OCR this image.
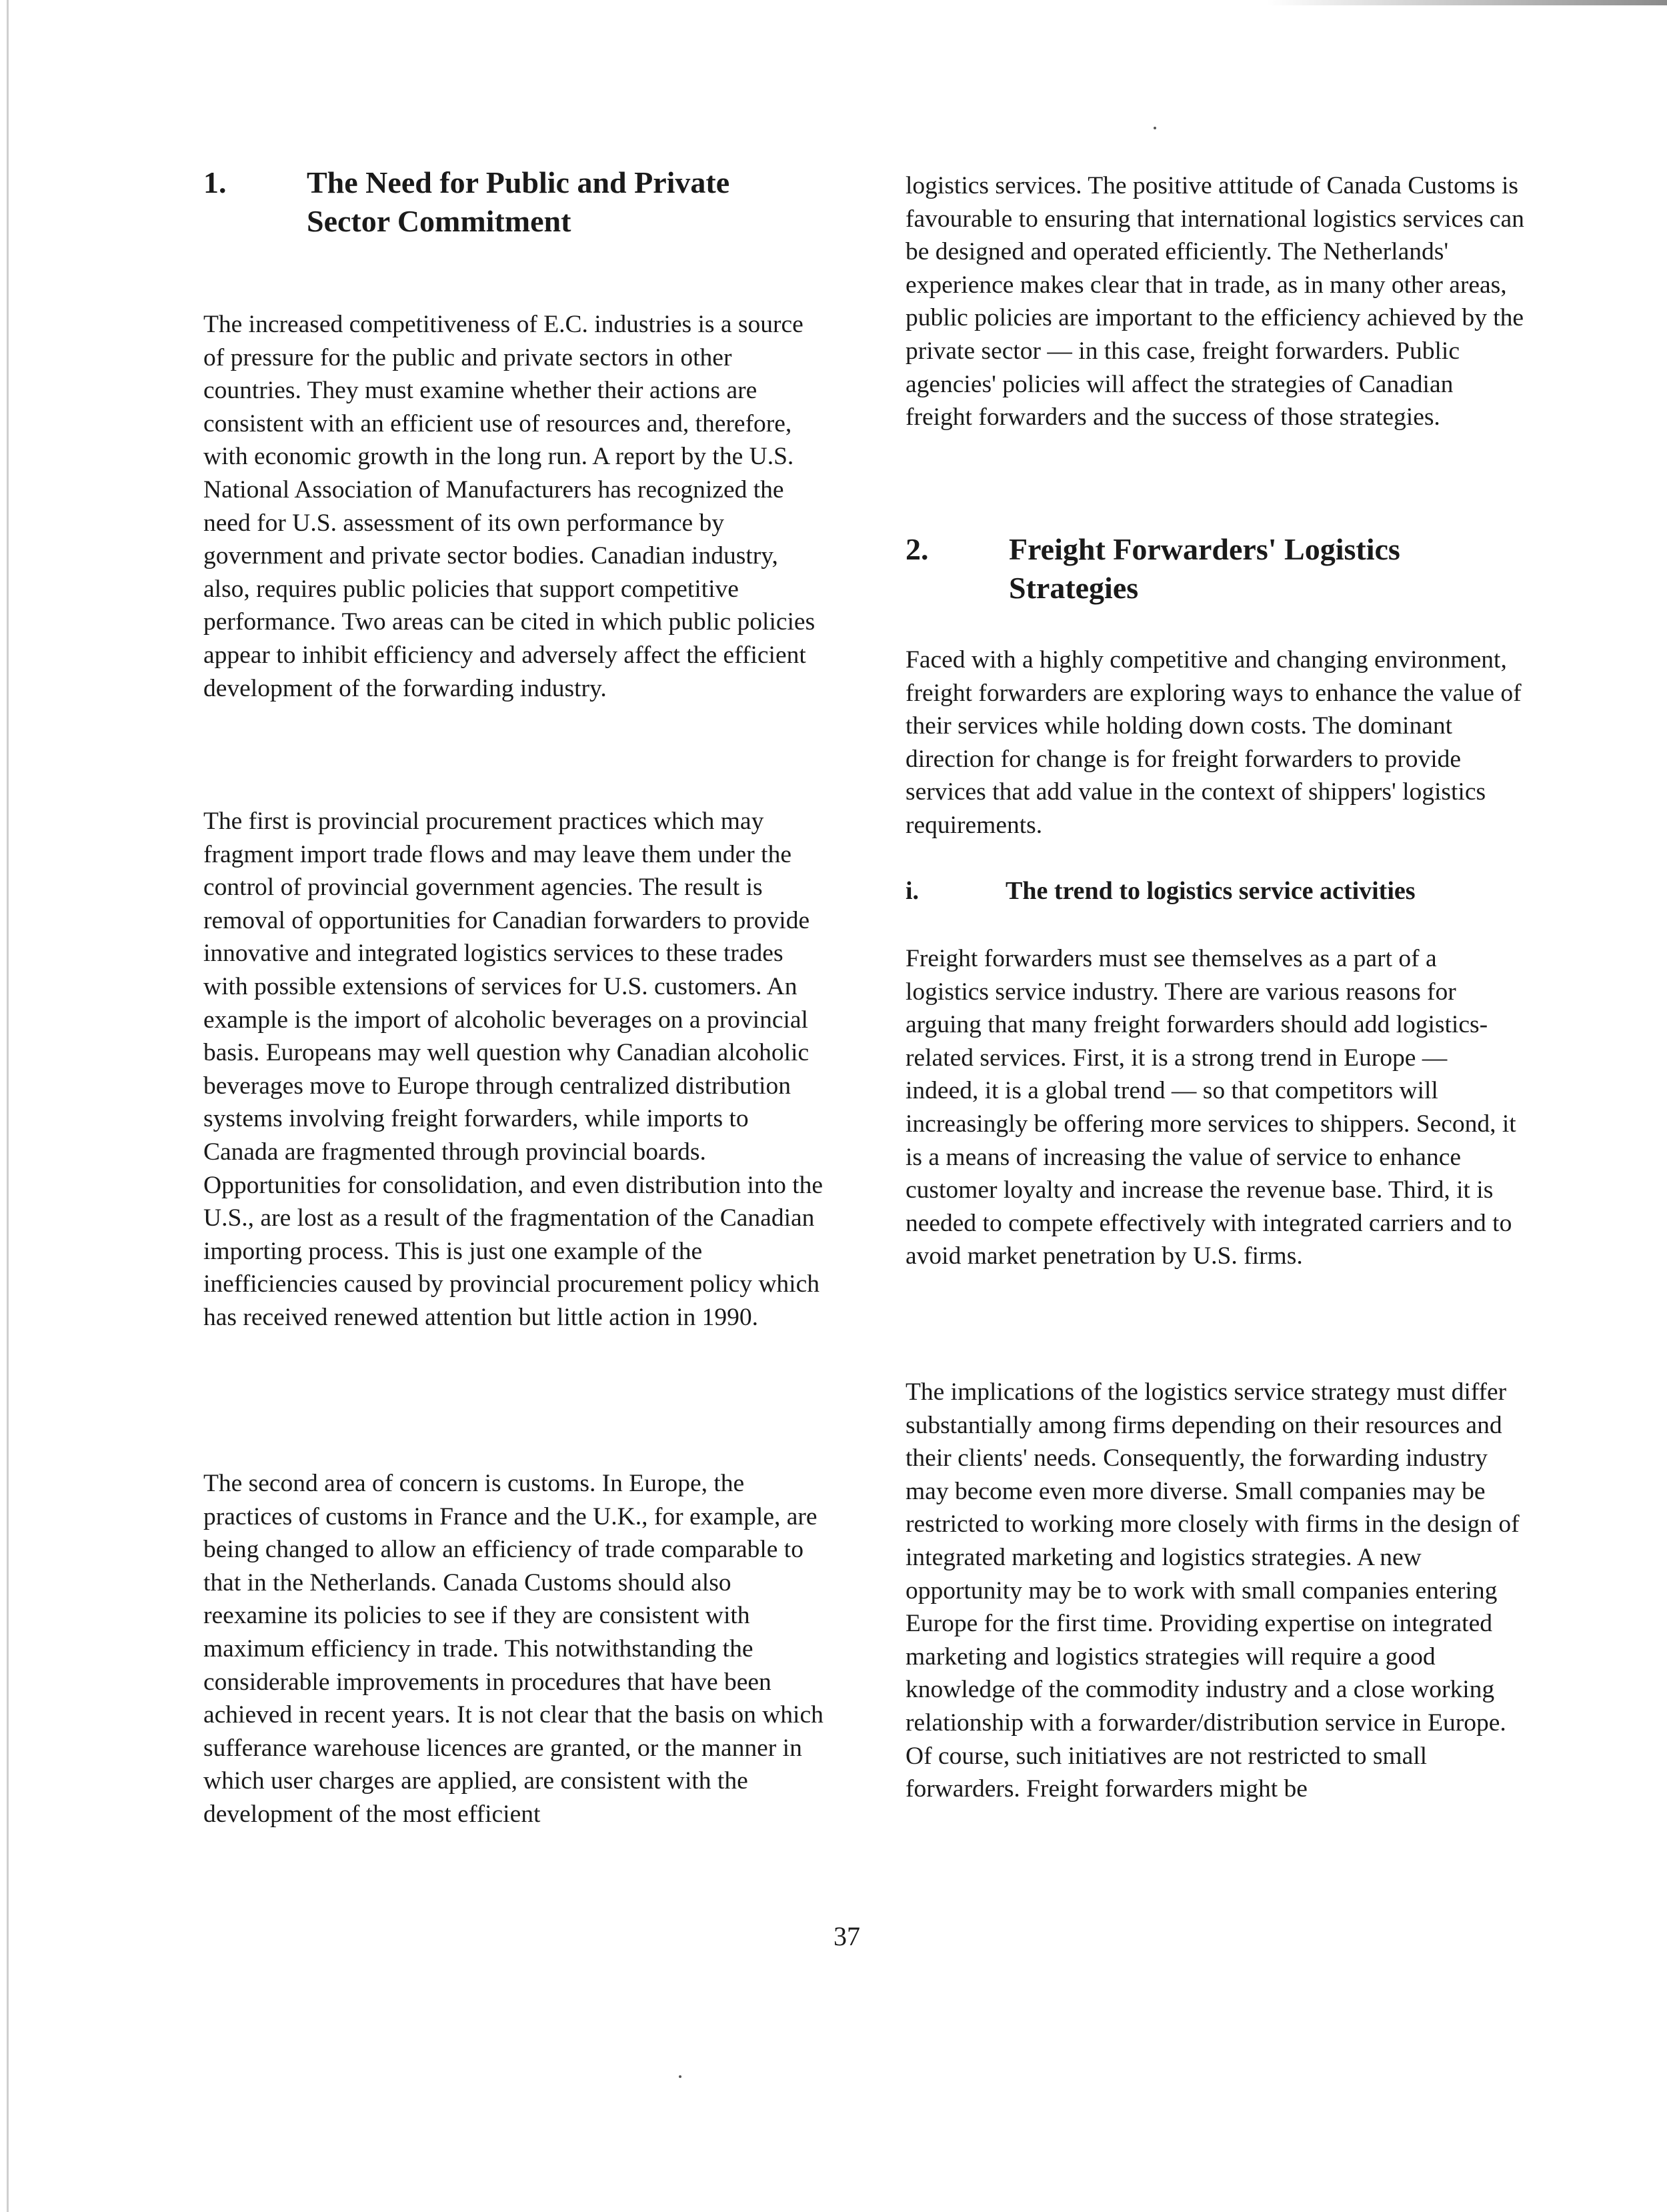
1.	The Need for Public and Private Sector Commitment

The increased competitiveness of E.C. industries is a source of pressure for the public and private sectors in other countries. They must examine whether their actions are consistent with an efficient use of resources and, therefore, with economic growth in the long run. A report by the U.S. National Association of Manufacturers has recognized the need for U.S. assessment of its own performance by government and private sector bodies. Canadian industry, also, requires public policies that support competitive performance. Two areas can be cited in which public policies appear to inhibit efficiency and adversely affect the efficient development of the forwarding industry.

The first is provincial procurement practices which may fragment import trade flows and may leave them under the control of provincial government agencies. The result is removal of opportunities for Canadian forwarders to provide innovative and integrated logistics services to these trades with possible extensions of services for U.S. customers. An example is the import of alcoholic beverages on a provincial basis. Europeans may well question why Canadian alcoholic beverages move to Europe through centralized distribution systems involving freight forwarders, while imports to Canada are fragmented through provincial boards. Opportunities for consolidation, and even distribution into the U.S., are lost as a result of the fragmentation of the Canadian importing process. This is just one example of the inefficiencies caused by provincial procurement policy which has received renewed attention but little action in 1990.

The second area of concern is customs. In Europe, the practices of customs in France and the U.K., for example, are being changed to allow an efficiency of trade comparable to that in the Netherlands. Canada Customs should also reexamine its policies to see if they are consistent with maximum efficiency in trade. This notwithstanding the considerable improvements in procedures that have been achieved in recent years. It is not clear that the basis on which sufferance warehouse licences are granted, or the manner in which user charges are applied, are consistent with the development of the most efficient

logistics services. The positive attitude of Canada Customs is favourable to ensuring that international logistics services can be designed and operated efficiently. The Netherlands' experience makes clear that in trade, as in many other areas, public policies are important to the efficiency achieved by the private sector — in this case, freight forwarders. Public agencies' policies will affect the strategies of Canadian freight forwarders and the success of those strategies.

2.	Freight Forwarders' Logistics Strategies

Faced with a highly competitive and changing environment, freight forwarders are exploring ways to enhance the value of their services while holding down costs. The dominant direction for change is for freight forwarders to provide services that add value in the context of shippers' logistics requirements.

i.	The trend to logistics service activities

Freight forwarders must see themselves as a part of a logistics service industry. There are various reasons for arguing that many freight forwarders should add logistics-related services. First, it is a strong trend in Europe — indeed, it is a global trend — so that competitors will increasingly be offering more services to shippers. Second, it is a means of increasing the value of service to enhance customer loyalty and increase the revenue base. Third, it is needed to compete effectively with integrated carriers and to avoid market penetration by U.S. firms.

The implications of the logistics service strategy must differ substantially among firms depending on their resources and their clients' needs. Consequently, the forwarding industry may become even more diverse. Small companies may be restricted to working more closely with firms in the design of integrated marketing and logistics strategies. A new opportunity may be to work with small companies entering Europe for the first time. Providing expertise on integrated marketing and logistics strategies will require a good knowledge of the commodity industry and a close working relationship with a forwarder/distribution service in Europe. Of course, such initiatives are not restricted to small forwarders. Freight forwarders might be

37
